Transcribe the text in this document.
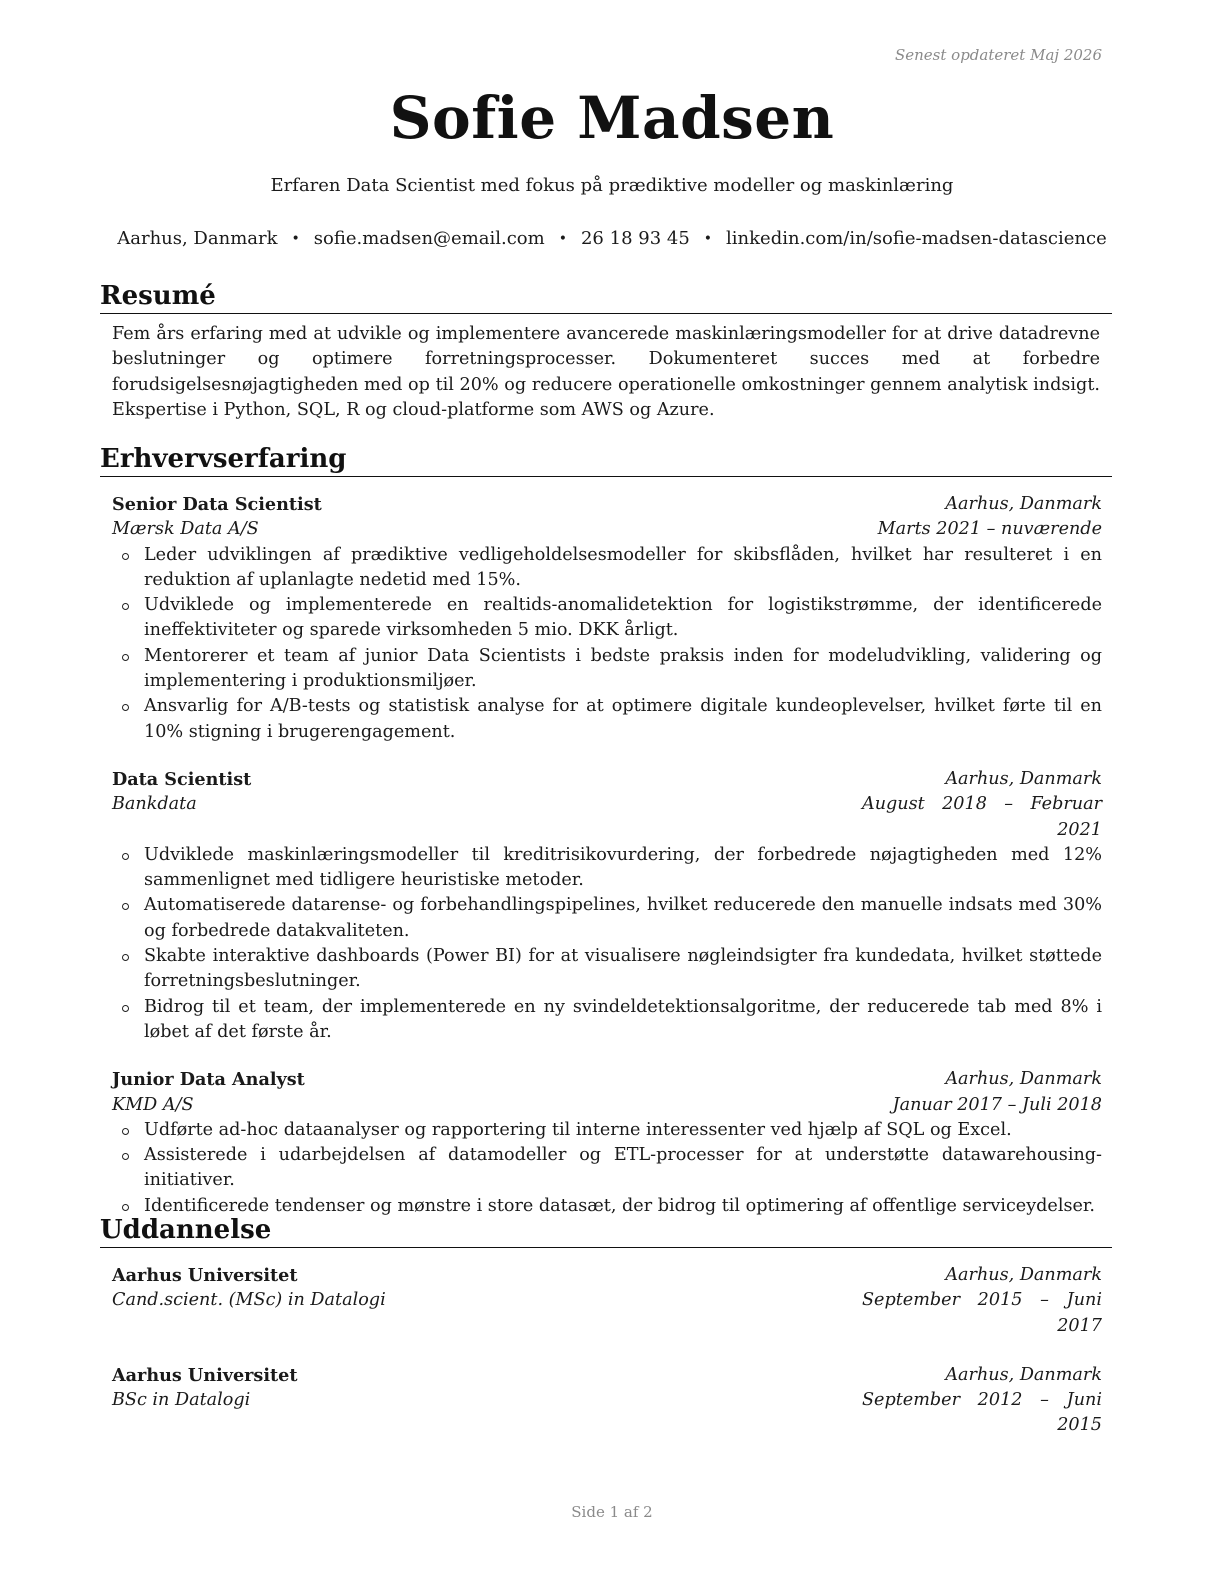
Senest opdateret Maj 2026
Sofie Madsen
Erfaren Data Scientist med fokus på prædiktive modeller og maskinlæring
Aarhus, Danmark • sofie.madsen@email.com • 26 18 93 45 • linkedin.com/in/sofie-madsen-datascience
Resumé
Fem års erfaring med at udvikle og implementere avancerede maskinlæringsmodeller for at drive datadrevne beslutninger og optimere forretningsprocesser. Dokumenteret succes med at forbedre forudsigelsesnøjagtigheden med op til 20% og reducere operationelle omkostninger gennem analytisk indsigt. Ekspertise i Python, SQL, R og cloud-platforme som AWS og Azure.
Erhvervserfaring
Senior Data Scientist	Aarhus, Danmark
Mærsk Data A/S	Marts 2021 – nuværende
Leder udviklingen af prædiktive vedligeholdelsesmodeller for skibsflåden, hvilket har resulteret i en reduktion af uplanlagte nedetid med 15%.
Udviklede og implementerede en realtids-anomalidetektion for logistikstrømme, der identificerede ineffektiviteter og sparede virksomheden 5 mio. DKK årligt.
Mentorerer et team af junior Data Scientists i bedste praksis inden for modeludvikling, validering og implementering i produktionsmiljøer.
Ansvarlig for A/B-tests og statistisk analyse for at optimere digitale kundeoplevelser, hvilket førte til en 10% stigning i brugerengagement.
Data Scientist	Aarhus, Danmark
Bankdata	August 2018 – Februar 2021
Udviklede maskinlæringsmodeller til kreditrisikovurdering, der forbedrede nøjagtigheden med 12% sammenlignet med tidligere heuristiske metoder.
Automatiserede datarense- og forbehandlingspipelines, hvilket reducerede den manuelle indsats med 30% og forbedrede datakvaliteten.
Skabte interaktive dashboards (Power BI) for at visualisere nøgleindsigter fra kundedata, hvilket støttede forretningsbeslutninger.
Bidrog til et team, der implementerede en ny svindeldetektionsalgoritme, der reducerede tab med 8% i løbet af det første år.
Junior Data Analyst	Aarhus, Danmark
KMD A/S	Januar 2017 – Juli 2018
Udførte ad-hoc dataanalyser og rapportering til interne interessenter ved hjælp af SQL og Excel.
Assisterede i udarbejdelsen af datamodeller og ETL-processer for at understøtte datawarehousing-initiativer.
Identificerede tendenser og mønstre i store datasæt, der bidrog til optimering af offentlige serviceydelser.
Uddannelse
Aarhus Universitet	Aarhus, Danmark
Cand.scient. (MSc) in Datalogi	September 2015 – Juni 2017
Aarhus Universitet	Aarhus, Danmark
BSc in Datalogi	September 2012 – Juni 2015
Side 1 af 2
